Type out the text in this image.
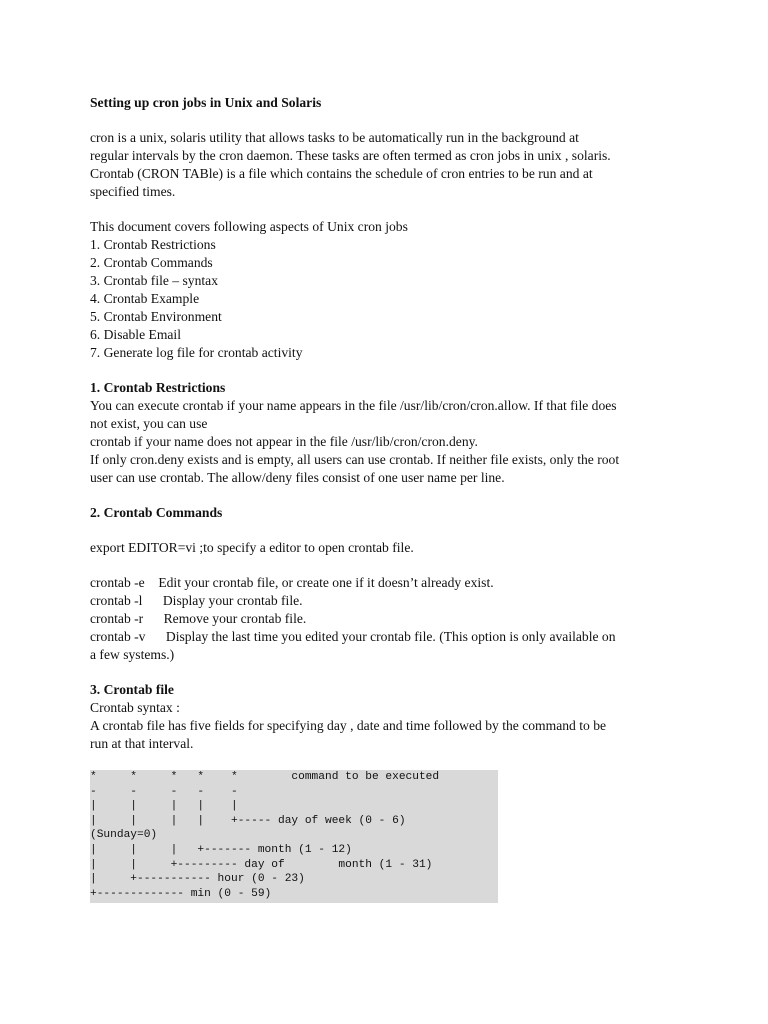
Setting up cron jobs in Unix and Solaris
cron is a unix, solaris utility that allows tasks to be automatically run in the background at
regular intervals by the cron daemon. These tasks are often termed as cron jobs in unix , solaris.
Crontab (CRON TABle) is a file which contains the schedule of cron entries to be run and at
specified times.
This document covers following aspects of Unix cron jobs
1. Crontab Restrictions
2. Crontab Commands
3. Crontab file – syntax
4. Crontab Example
5. Crontab Environment
6. Disable Email
7. Generate log file for crontab activity
1. Crontab Restrictions
You can execute crontab if your name appears in the file /usr/lib/cron/cron.allow. If that file does
not exist, you can use
crontab if your name does not appear in the file /usr/lib/cron/cron.deny.
If only cron.deny exists and is empty, all users can use crontab. If neither file exists, only the root
user can use crontab. The allow/deny files consist of one user name per line.
2. Crontab Commands
export EDITOR=vi ;to specify a editor to open crontab file.
crontab -e    Edit your crontab file, or create one if it doesn’t already exist.
crontab -l      Display your crontab file.
crontab -r      Remove your crontab file.
crontab -v      Display the last time you edited your crontab file. (This option is only available on
a few systems.)
3. Crontab file
Crontab syntax :
A crontab file has five fields for specifying day , date and time followed by the command to be
run at that interval.
*     *     *   *    *        command to be executed
-     -     -   -    -
|     |     |   |    |
|     |     |   |    +----- day of week (0 - 6)
(Sunday=0)
|     |     |   +------- month (1 - 12)
|     |     +--------- day of        month (1 - 31)
|     +----------- hour (0 - 23)
+------------- min (0 - 59)
